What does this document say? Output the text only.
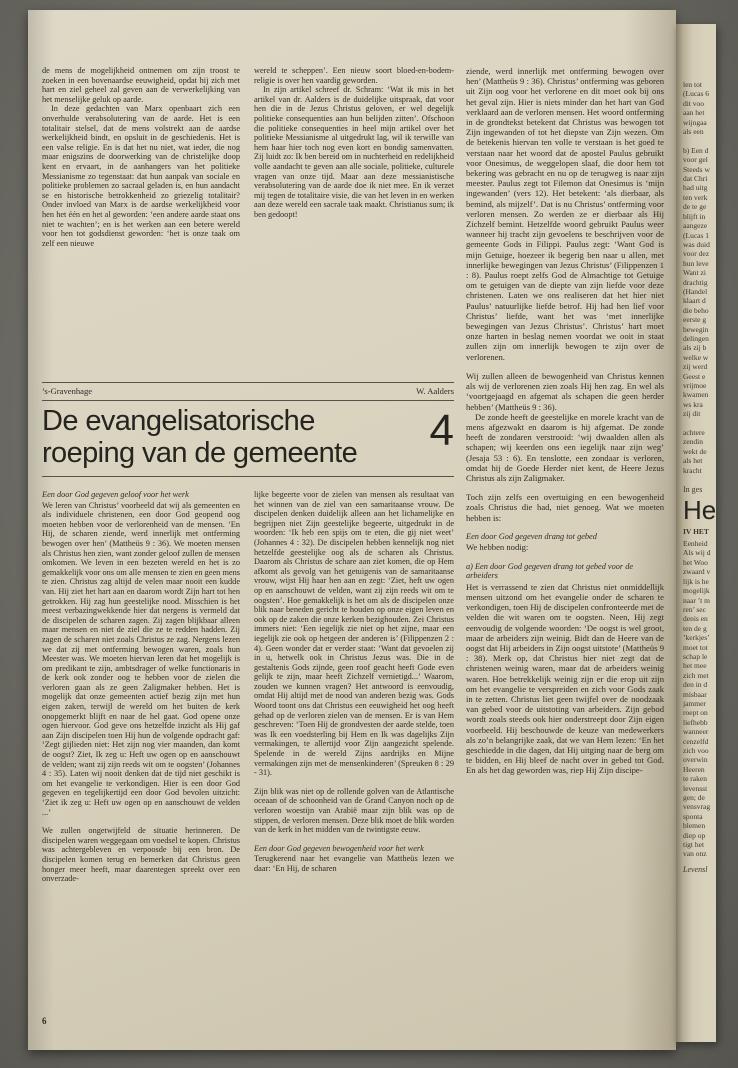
de mens de mogelijkheid ontnemen om zijn troost te zoeken in een bovenaardse eeuwigheid, opdat hij zich met hart en ziel geheel zal geven aan de verwerkelijking van het menselijke geluk op aarde.

In deze gedachten van Marx openbaart zich een onverhulde verabsolutering van de aarde. Het is een totalitair stelsel, dat de mens volstrekt aan de aardse werkelijkheid bindt, en opsluit in de geschiedenis. Het is een valse religie. En is dat het nu niet, wat ieder, die nog maar enigszins de doorwerking van de christelijke doop kent en ervaart, in de aanhangers van het politieke Messianisme zo tegenstaat: dat hun aanpak van sociale en politieke problemen zo sacraal geladen is, en hun aandacht se en historische betrokkenheid zo griezelig totalitair? Onder invloed van Marx is de aardse werkelijkheid voor hen het één en het al geworden: ‘een andere aarde staat ons niet te wachten’; en is het werken aan een betere wereld voor hen tot godsdienst geworden: ‘het is onze taak om zelf een nieuwe

wereld te scheppen’. Een nieuw soort bloed-en-bodem-religie is over hen vaardig geworden.

In zijn artikel schreef dr. Schram: ‘Wat ik mis in het artikel van dr. Aalders is de duidelijke uitspraak, dat voor hen die in de Jezus Christus geloven, er wel degelijk politieke consequenties aan hun belijden zitten’. Ofschoon die politieke consequenties in heel mijn artikel over het politieke Messianisme al uitgedrukt lag, wil ik terwille van hem haar hier toch nog even kort en bondig samenvatten. Zij luidt zo: Ik ben bereid om in nuchterheid en redelijkheid volle aandacht te geven aan alle sociale, politieke, culturele vragen van onze tijd. Maar aan deze messianistische verabsolutering van de aarde doe ik niet mee. En ik verzet mij tegen de totalitaire visie, die van het leven in en werken aan deze wereld een sacrale taak maakt. Christianus sum; ik ben gedoopt!

’s-Gravenhage	W. Aalders
De evangelisatorische
roeping van de gemeente 4
Een door God gegeven geloof voor het werk

We leren van Christus’ voorbeeld dat wij als gemeenten en als individuele christenen, een door God geopend oog moeten hebben voor de verlorenheid van de mensen. ‘En Hij, de scharen ziende, werd innerlijk met ontferming bewogen over hen’ (Mattheüs 9 : 36). We moeten mensen als Christus hen zien, want zonder geloof zullen de mensen omkomen. We leven in een bezeten wereld en het is zo gemakkelijk voor ons om alle mensen te zien en geen mens te zien. Christus zag altijd de velen maar nooit een kudde van. Hij ziet het hart aan en daarom wordt Zijn hart tot hen getrokken. Hij zag hun geestelijke nood. Misschien is het meest verbazingwekkende hier dat nergens is vermeld dat de discipelen de scharen zagen. Zij zagen blijkbaar alleen maar mensen en niet de ziel die ze te redden hadden. Zij zagen de scharen niet zoals Christus ze zag. Nergens lezen we dat zij met ontferming bewogen waren, zoals hun Meester was. We moeten hiervan leren dat het mogelijk is om predikant te zijn, ambtsdrager of welke functionaris in de kerk ook zonder oog te hebben voor de zielen die verloren gaan als ze geen Zaligmaker hebben. Het is mogelijk dat onze gemeenten actief bezig zijn met hun eigen zaken, terwijl de wereld om het buiten de kerk onopgemerkt blijft en naar de hel gaat. God opene onze ogen hiervoor. God geve ons hetzelfde inzicht als Hij gaf aan Zijn discipelen toen Hij hun de volgende opdracht gaf: ‘Zegt gijlieden niet: Het zijn nog vier maanden, dan komt de oogst? Ziet, Ik zeg u: Heft uw ogen op en aanschouwt de velden; want zij zijn reeds wit om te oogsten’ (Johannes 4 : 35). Laten wij nooit denken dat de tijd niet geschikt is om het evangelie te verkondigen. Hier is een door God gegeven en tegelijkertijd een door God bevolen uitzicht: ‘Ziet ik zeg u: Heft uw ogen op en aanschouwt de velden ...’

We zullen ongetwijfeld de situatie herinneren. De discipelen waren weggegaan om voedsel te kopen. Christus was achtergebleven en verpoosde bij een bron. De discipelen komen terug en bemerken dat Christus geen honger meer heeft, maar daarentegen spreekt over een onverzade-

lijke begeerte voor de zielen van mensen als resultaat van het winnen van de ziel van een samaritaanse vrouw. De discipelen denken duidelijk alleen aan het lichamelijke en begrijpen niet Zijn geestelijke begeerte, uitgedrukt in de woorden: ‘Ik heb een spijs om te eten, die gij niet weet’ (Johannes 4 : 32). De discipelen hebben kennelijk nog niet hetzelfde geestelijke oog als de scharen als Christus. Daarom als Christus de schare aan ziet komen, die op Hem afkomt als gevolg van het getuigenis van de samaritaanse vrouw, wijst Hij haar hen aan en zegt: ‘Ziet, heft uw ogen op en aanschouwt de velden, want zij zijn reeds wit om te oogsten’. Hoe gemakkelijk is het om als de discipelen onze blik naar beneden gericht te houden op onze eigen leven en ook op de zaken die onze kerken bezighouden. Zei Christus immers niet: ‘Een iegelijk zie niet op het zijne, maar een iegelijk zie ook op hetgeen der anderen is’ (Filippenzen 2 : 4). Geen wonder dat er verder staat: ‘Want dat gevoelen zij in u, hetwelk ook in Christus Jezus was. Die in de gestaltenis Gods zijnde, geen roof geacht heeft Gode even gelijk te zijn, maar heeft Zichzelf vernietigd...’ Waarom, zouden we kunnen vragen? Het antwoord is eenvoudig, omdat Hij altijd met de nood van anderen bezig was. Gods Woord toont ons dat Christus een eeuwigheid het oog heeft gehad op de verloren zielen van de mensen. Er is van Hem geschreven: ‘Toen Hij de grondvesten der aarde stelde, toen was Ik een voedsterling bij Hem en Ik was dagelijks Zijn vermakingen, te allertijd voor Zijn aangezicht spelende. Spelende in de wereld Zijns aardrijks en Mijne vermakingen zijn met de mensenkinderen’ (Spreuken 8 : 29 - 31).

Zijn blik was niet op de rollende golven van de Atlantische oceaan of de schoonheid van de Grand Canyon noch op de verloren woestijn van Arabië maar zijn blik was op de stippen, de verloren mensen. Deze blik moet de blik worden van de kerk in het midden van de twintigste eeuw.

Een door God gegeven bewogenheid voor het werk

Terugkerend naar het evangelie van Mattheüs lezen we daar: ‘En Hij, de scharen

ziende, werd innerlijk met ontferming bewogen over hen’ (Mattheüs 9 : 36). Christus’ ontferming was geboren uit Zijn oog voor het verlorene en dit moet ook bij ons het geval zijn. Hier is niets minder dan het hart van God verklaard aan de verloren mensen. Het woord ontferming in de grondtekst betekent dat Christus was bewogen tot Zijn ingewanden of tot het diepste van Zijn wezen. Om de betekenis hiervan ten volle te verstaan is het goed te verstaan naar het woord dat de apostel Paulus gebruikt voor Onesimus, de weggelopen slaaf, die door hem tot bekering was gebracht en nu op de terugweg is naar zijn meester. Paulus zegt tot Filemon dat Onesimus is ‘mijn ingewanden’ (vers 12). Het betekent: ‘als dierbaar, als bemind, als mijzelf’. Dat is nu Christus’ ontferming voor verloren mensen. Zo werden ze er dierbaar als Hij Zichzelf bemint. Hetzelfde woord gebruikt Paulus weer wanneer hij tracht zijn gevoelens te beschrijven voor de gemeente Gods in Filippi. Paulus zegt: ‘Want God is mijn Getuige, hoezeer ik begerig ben naar u allen, met innerlijke bewegingen van Jezus Christus’ (Filippenzen 1 : 8). Paulus roept zelfs God de Almachtige tot Getuige om te getuigen van de diepte van zijn liefde voor deze christenen. Laten we ons realiseren dat het hier niet Paulus’ natuurlijke liefde betrof. Hij had hen lief voor Christus’ liefde, want het was ‘met innerlijke bewegingen van Jezus Christus’. Christus’ hart moet onze harten in beslag nemen voordat we ooit in staat zullen zijn om innerlijk bewogen te zijn over de verlorenen.

Wij zullen alleen de bewogenheid van Christus kennen als wij de verlorenen zien zoals Hij hen zag. En wel als ‘voortgejaagd en afgemat als schapen die geen herder hebben’ (Mattheüs 9 : 36).

De zonde heeft de geestelijke en morele kracht van de mens afgezwakt en daarom is hij afgemat. De zonde heeft de zondaren verstrooid: ‘wij dwaalden allen als schapen; wij keerden ons een iegelijk naar zijn weg’ (Jesaja 53 : 6). En tenslotte, een zondaar is verloren, omdat hij de Goede Herder niet kent, de Heere Jezus Christus als zijn Zaligmaker.

Toch zijn zelfs een overtuiging en een bewogenheid zoals Christus die had, niet genoeg. Wat we moeten hebben is:

Een door God gegeven drang tot gebed

We hebben nodig:

a) Een door God gegeven drang tot gebed voor de arbeiders

Het is verrassend te zien dat Christus niet onmiddellijk mensen uitzond om het evangelie onder de scharen te verkondigen, toen Hij de discipelen confronteerde met de velden die wit waren om te oogsten. Neen, Hij zegt eenvoudig de volgende woorden: ‘De oogst is wel groot, maar de arbeiders zijn weinig. Bidt dan de Heere van de oogst dat Hij arbeiders in Zijn oogst uitstote’ (Mattheüs 9 : 38). Merk op, dat Christus hier niet zegt dat de christenen weinig waren, maar dat de arbeiders weinig waren. Hoe betrekkelijk weinig zijn er die erop uit zijn om het evangelie te verspreiden en zich voor Gods zaak in te zetten. Christus liet geen twijfel over de noodzaak van gebed voor de uitstoting van arbeiders. Zijn gebod wordt zoals steeds ook hier onderstreept door Zijn eigen voorbeeld. Hij beschouwde de keuze van medewerkers als zo’n belangrijke zaak, dat we van Hem lezen: ‘En het geschiedde in die dagen, dat Hij uitging naar de berg om te bidden, en Hij bleef de nacht over in gebed tot God. En als het dag geworden was, riep Hij Zijn discipe-

6
len tot
(Lucas 6
dit voo
aan het
wijngaa
als een

b) Een d
voor gel
Steeds w
dat Chri
had uitg
ten verk
de te ge
blijft in
aangeze
(Lucas 1
was duid
voor dez
hun leve
Want zi
drachtig
(Handel
klaart d
die beho
eerste g
bewegin
delingen
als zij b
welke w
zij werd
Geest e
vrijmoe
kwamen
ws kra
zij dit

achtere
zendin
wekt de
als het
kracht
In ges
He
IV HET
Eenheid
Als wij d
het Woo
zwaard v
lijk is he
mogelijk
naar ’t m
ren’ sec
denis en
ten de g
’kerkjes’
moet tot
schap le
het mee
zich met
den in d
misbaar
jammer
roept on
liefhebb
wanneer
cenzelfd
zich voo
overwin
Heeren
te raken
levensst
gen; de
vensvrag
sponta
blemen
diep op
tigt het
van onz
Levensl
